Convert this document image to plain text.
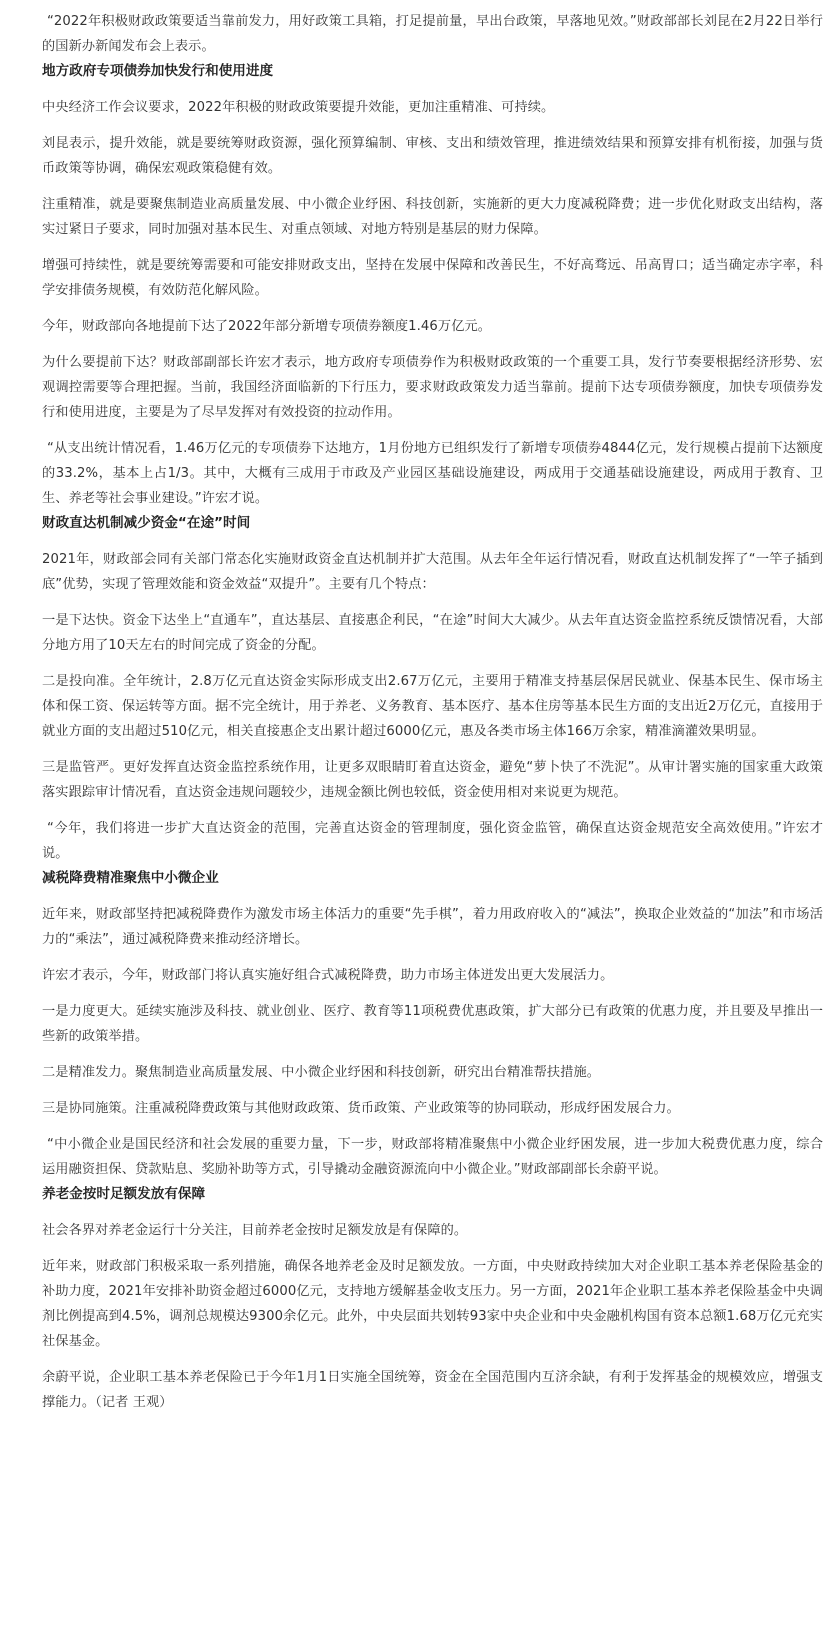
“2022年积极财政政策要适当靠前发力，用好政策工具箱，打足提前量，早出台政策，早落地见效。”财政部部长刘昆在2月22日举行的国新办新闻发布会上表示。

地方政府专项债券加快发行和使用进度

中央经济工作会议要求，2022年积极的财政政策要提升效能，更加注重精准、可持续。

刘昆表示，提升效能，就是要统筹财政资源，强化预算编制、审核、支出和绩效管理，推进绩效结果和预算安排有机衔接，加强与货币政策等协调，确保宏观政策稳健有效。

注重精准，就是要聚焦制造业高质量发展、中小微企业纾困、科技创新，实施新的更大力度减税降费；进一步优化财政支出结构，落实过紧日子要求，同时加强对基本民生、对重点领域、对地方特别是基层的财力保障。

增强可持续性，就是要统筹需要和可能安排财政支出，坚持在发展中保障和改善民生，不好高骛远、吊高胃口；适当确定赤字率，科学安排债务规模，有效防范化解风险。

今年，财政部向各地提前下达了2022年部分新增专项债券额度1.46万亿元。

为什么要提前下达？财政部副部长许宏才表示，地方政府专项债券作为积极财政政策的一个重要工具，发行节奏要根据经济形势、宏观调控需要等合理把握。当前，我国经济面临新的下行压力，要求财政政策发力适当靠前。提前下达专项债券额度，加快专项债券发行和使用进度，主要是为了尽早发挥对有效投资的拉动作用。

“从支出统计情况看，1.46万亿元的专项债券下达地方，1月份地方已组织发行了新增专项债券4844亿元，发行规模占提前下达额度的33.2%，基本上占1/3。其中，大概有三成用于市政及产业园区基础设施建设，两成用于交通基础设施建设，两成用于教育、卫生、养老等社会事业建设。”许宏才说。

财政直达机制减少资金“在途”时间

2021年，财政部会同有关部门常态化实施财政资金直达机制并扩大范围。从去年全年运行情况看，财政直达机制发挥了“一竿子插到底”优势，实现了管理效能和资金效益“双提升”。主要有几个特点：

一是下达快。资金下达坐上“直通车”，直达基层、直接惠企利民，“在途”时间大大减少。从去年直达资金监控系统反馈情况看，大部分地方用了10天左右的时间完成了资金的分配。

二是投向准。全年统计，2.8万亿元直达资金实际形成支出2.67万亿元，主要用于精准支持基层保居民就业、保基本民生、保市场主体和保工资、保运转等方面。据不完全统计，用于养老、义务教育、基本医疗、基本住房等基本民生方面的支出近2万亿元，直接用于就业方面的支出超过510亿元，相关直接惠企支出累计超过6000亿元，惠及各类市场主体166万余家，精准滴灌效果明显。

三是监管严。更好发挥直达资金监控系统作用，让更多双眼睛盯着直达资金，避免“萝卜快了不洗泥”。从审计署实施的国家重大政策落实跟踪审计情况看，直达资金违规问题较少，违规金额比例也较低，资金使用相对来说更为规范。

“今年，我们将进一步扩大直达资金的范围，完善直达资金的管理制度，强化资金监管，确保直达资金规范安全高效使用。”许宏才说。

减税降费精准聚焦中小微企业

近年来，财政部坚持把减税降费作为激发市场主体活力的重要“先手棋”，着力用政府收入的“减法”，换取企业效益的“加法”和市场活力的“乘法”，通过减税降费来推动经济增长。

许宏才表示，今年，财政部门将认真实施好组合式减税降费，助力市场主体迸发出更大发展活力。

一是力度更大。延续实施涉及科技、就业创业、医疗、教育等11项税费优惠政策，扩大部分已有政策的优惠力度，并且要及早推出一些新的政策举措。

二是精准发力。聚焦制造业高质量发展、中小微企业纾困和科技创新，研究出台精准帮扶措施。

三是协同施策。注重减税降费政策与其他财政政策、货币政策、产业政策等的协同联动，形成纾困发展合力。

“中小微企业是国民经济和社会发展的重要力量，下一步，财政部将精准聚焦中小微企业纾困发展，进一步加大税费优惠力度，综合运用融资担保、贷款贴息、奖励补助等方式，引导撬动金融资源流向中小微企业。”财政部副部长余蔚平说。

养老金按时足额发放有保障

社会各界对养老金运行十分关注，目前养老金按时足额发放是有保障的。

近年来，财政部门积极采取一系列措施，确保各地养老金及时足额发放。一方面，中央财政持续加大对企业职工基本养老保险基金的补助力度，2021年安排补助资金超过6000亿元，支持地方缓解基金收支压力。另一方面，2021年企业职工基本养老保险基金中央调剂比例提高到4.5%，调剂总规模达9300余亿元。此外，中央层面共划转93家中央企业和中央金融机构国有资本总额1.68万亿元充实社保基金。

余蔚平说，企业职工基本养老保险已于今年1月1日实施全国统筹，资金在全国范围内互济余缺，有利于发挥基金的规模效应，增强支撑能力。（记者 王观）
